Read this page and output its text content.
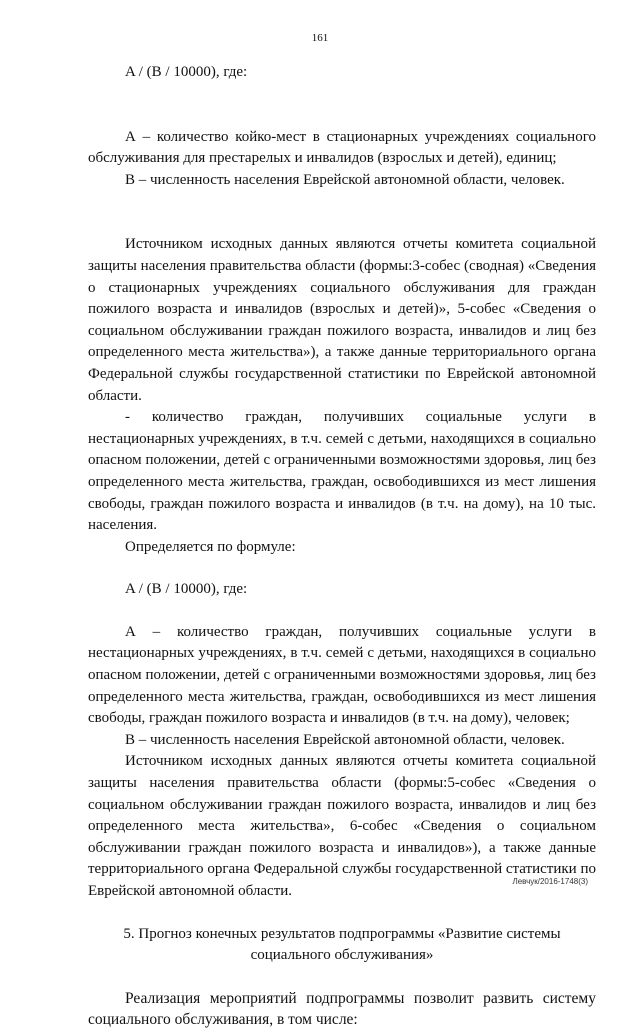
161

A / (B / 10000), где:

А – количество койко-мест в стационарных учреждениях социального обслуживания для престарелых и инвалидов (взрослых и детей), единиц;

В – численность населения Еврейской автономной области, человек.

Источником исходных данных являются отчеты комитета социальной защиты населения правительства области (формы:3-собес (сводная) «Сведения о стационарных учреждениях социального обслуживания для граждан пожилого возраста и инвалидов (взрослых и детей)», 5-собес «Сведения о социальном обслуживании граждан пожилого возраста, инвалидов и лиц без определенного места жительства»), а также данные территориального органа Федеральной службы государственной статистики по Еврейской автономной области.

- количество граждан, получивших социальные услуги в нестационарных учреждениях, в т.ч. семей с детьми, находящихся в социально опасном положении, детей с ограниченными возможностями здоровья, лиц без определенного места жительства, граждан, освободившихся из мест лишения свободы, граждан пожилого возраста и инвалидов (в т.ч. на дому), на 10 тыс. населения.

Определяется по формуле:

A / (B / 10000), где:

А – количество граждан, получивших социальные услуги в нестационарных учреждениях, в т.ч. семей с детьми, находящихся в социально опасном положении, детей с ограниченными возможностями здоровья, лиц без определенного места жительства, граждан, освободившихся из мест лишения свободы, граждан пожилого возраста и инвалидов (в т.ч. на дому), человек;

В – численность населения Еврейской автономной области, человек.

Источником исходных данных являются отчеты комитета социальной защиты населения правительства области (формы:5-собес «Сведения о социальном обслуживании граждан пожилого возраста, инвалидов и лиц без определенного места жительства», 6-собес «Сведения о социальном обслуживании граждан пожилого возраста и инвалидов»), а также данные территориального органа Федеральной службы государственной статистики по Еврейской автономной области.

5. Прогноз конечных результатов подпрограммы «Развитие системы

социального обслуживания»

Реализация мероприятий подпрограммы позволит развить систему социального обслуживания, в том числе:

Левчук/2016-1748(3)
